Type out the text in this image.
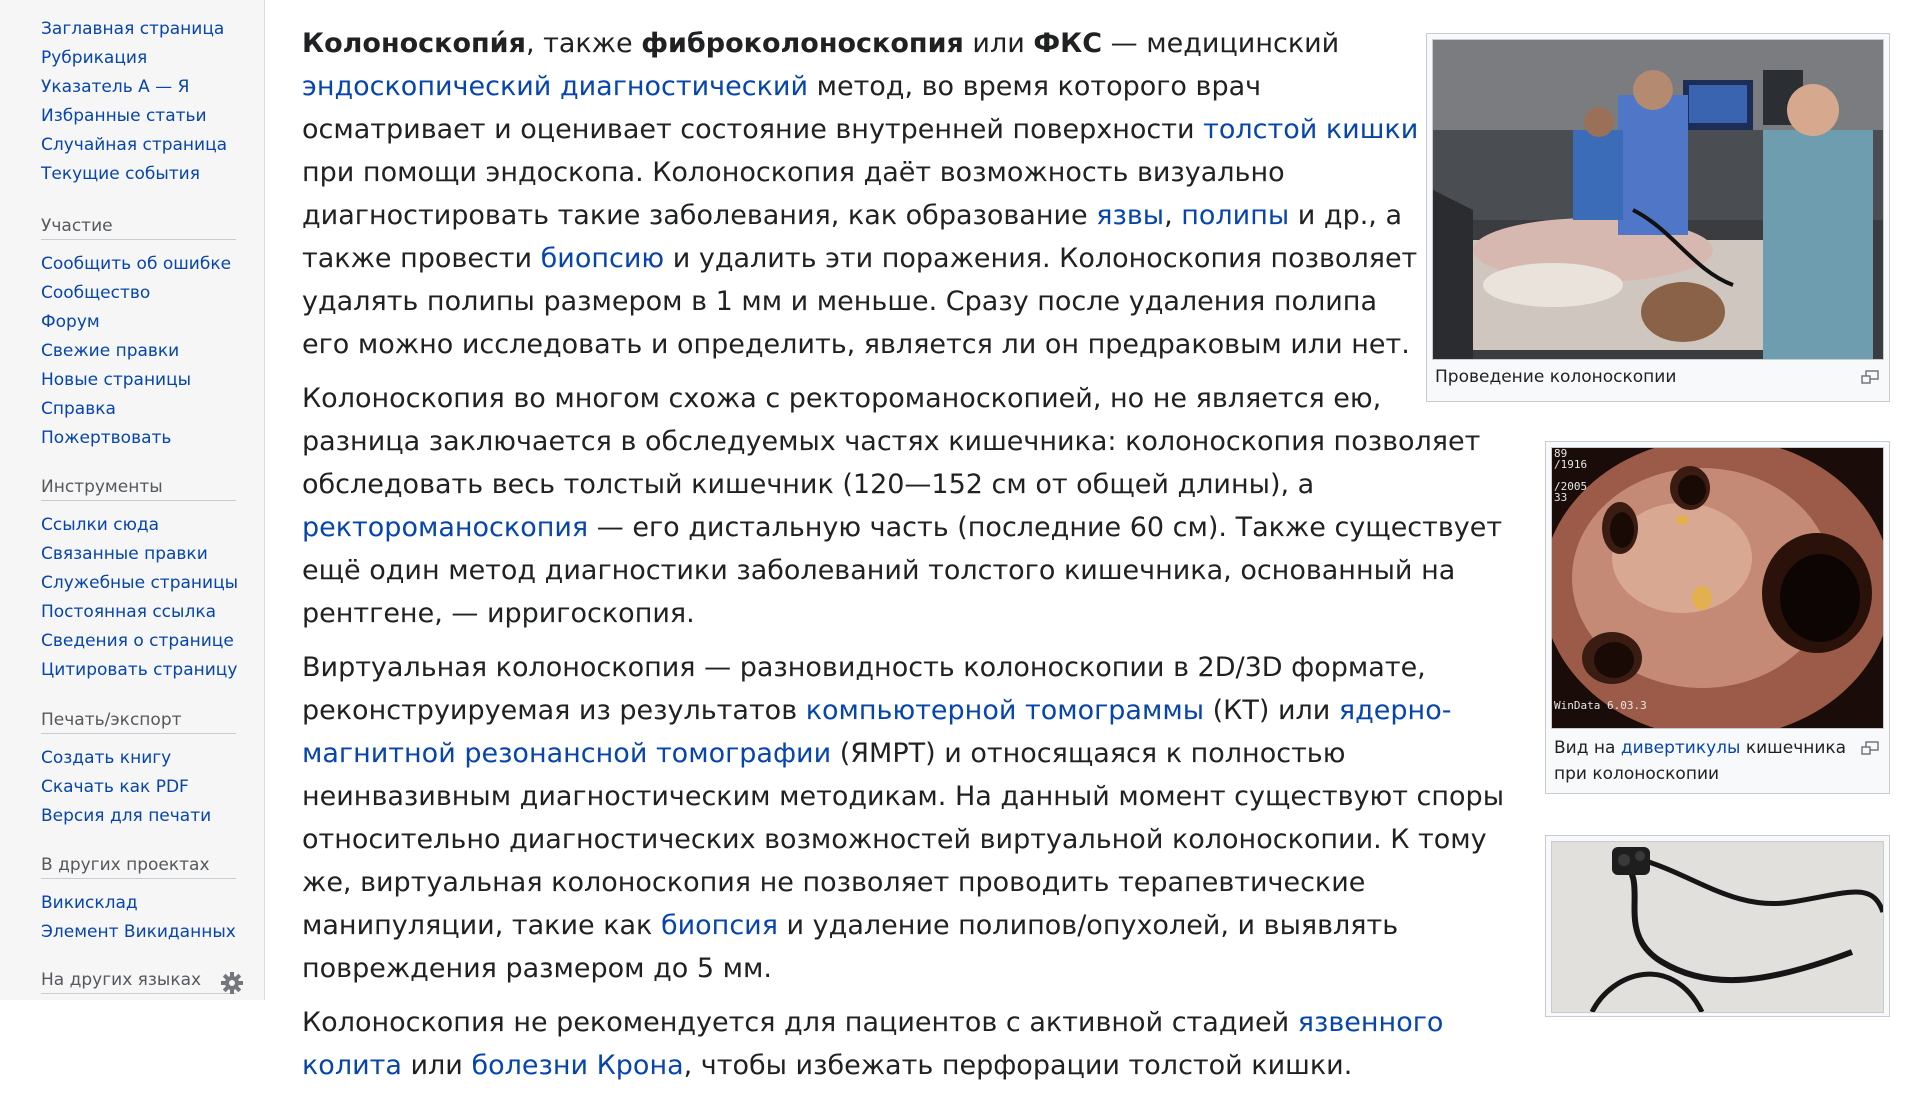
Заглавная страница
Рубрикация
Указатель А — Я
Избранные статьи
Случайная страница
Текущие события
Участие
Сообщить об ошибке
Сообщество
Форум
Свежие правки
Новые страницы
Справка
Пожертвовать
Инструменты
Ссылки сюда
Связанные правки
Служебные страницы
Постоянная ссылка
Сведения о странице
Цитировать страницу
Печать/экспорт
Создать книгу
Скачать как PDF
Версия для печати
В других проектах
Викисклад
Элемент Викиданных
На других языках

Колоноскопи́я, также фиброколоноскопия или ФКС — медицинский эндоскопический диагностический метод, во время которого врач осматривает и оценивает состояние внутренней поверхности толстой кишки при помощи эндоскопа. Колоноскопия даёт возможность визуально диагностировать такие заболевания, как образование язвы, полипы и др., а также провести биопсию и удалить эти поражения. Колоноскопия позволяет удалять полипы размером в 1 мм и меньше. Сразу после удаления полипа его можно исследовать и определить, является ли он предраковым или нет.

Колоноскопия во многом схожа с ректороманоскопией, но не является ею, разница заключается в обследуемых частях кишечника: колоноскопия позволяет обследовать весь толстый кишечник (120—152 см от общей длины), а ректороманоскопия — его дистальную часть (последние 60 см). Также существует ещё один метод диагностики заболеваний толстого кишечника, основанный на рентгене, — ирригоскопия.

Виртуальная колоноскопия — разновидность колоноскопии в 2D/3D формате, реконструируемая из результатов компьютерной томограммы (КТ) или ядерно-магнитной резонансной томографии (ЯМРТ) и относящаяся к полностью неинвазивным диагностическим методикам. На данный момент существуют споры относительно диагностических возможностей виртуальной колоноскопии. К тому же, виртуальная колоноскопия не позволяет проводить терапевтические манипуляции, такие как биопсия и удаление полипов/опухолей, и выявлять повреждения размером до 5 мм.

Колоноскопия не рекомендуется для пациентов с активной стадией язвенного колита или болезни Крона, чтобы избежать перфорации толстой кишки.

Проведение колоноскопии
89
/1916
/2005
33
WinData 6.03.3
Вид на дивертикулы кишечника при колоноскопии
